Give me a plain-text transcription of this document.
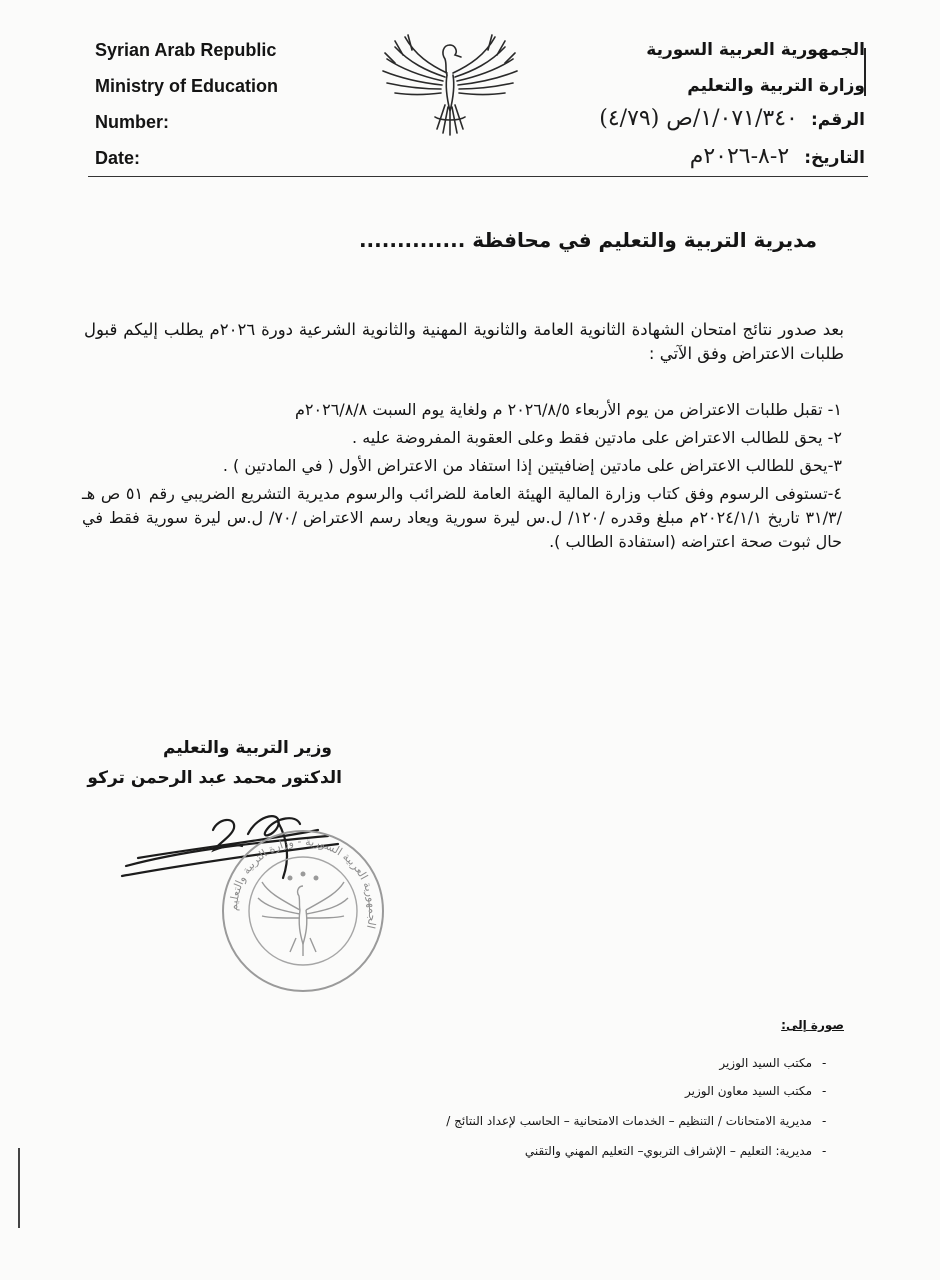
Syrian Arab Republic
Ministry of Education
Number:
Date:
الجمهورية العربية السورية
وزارة التربية والتعليم
الرقم: ١/٠٧١/٣٤٠/ص (٤/٧٩)
التاريخ: ٢-٨-٢٠٢٦م
مديرية التربية والتعليم في محافظة ..............
بعد صدور نتائج امتحان الشهادة الثانوية العامة والثانوية المهنية والثانوية الشرعية دورة ٢٠٢٦م يطلب إليكم قبول طلبات الاعتراض وفق الآتي :
١- تقبل طلبات الاعتراض من يوم الأربعاء ٢٠٢٦/٨/٥ م ولغاية يوم السبت ٢٠٢٦/٨/٨م
٢- يحق للطالب الاعتراض على مادتين فقط وعلى العقوبة المفروضة عليه .
٣-يحق للطالب الاعتراض على مادتين إضافيتين إذا استفاد من الاعتراض الأول ( في المادتين ) .
٤-تستوفى الرسوم وفق كتاب وزارة المالية الهيئة العامة للضرائب والرسوم مديرية التشريع الضريبي رقم ٥١ ص هـ /٣١/٣ تاريخ ٢٠٢٤/١/١م مبلغ وقدره /١٢٠/ ل.س ليرة سورية ويعاد رسم الاعتراض /٧٠/ ل.س ليرة سورية فقط في حال ثبوت صحة اعتراضه (استفادة الطالب ).
وزير التربية والتعليم
الدكتور محمد عبد الرحمن تركو
الجمهورية العربية السورية - وزارة التربية والتعليم
صورة إلى:
-مكتب السيد الوزير
-مكتب السيد معاون الوزير
-مديرية الامتحانات / التنظيم – الخدمات الامتحانية – الحاسب لإعداد النتائج /
-مديرية: التعليم – الإشراف التربوي– التعليم المهني والتقني
